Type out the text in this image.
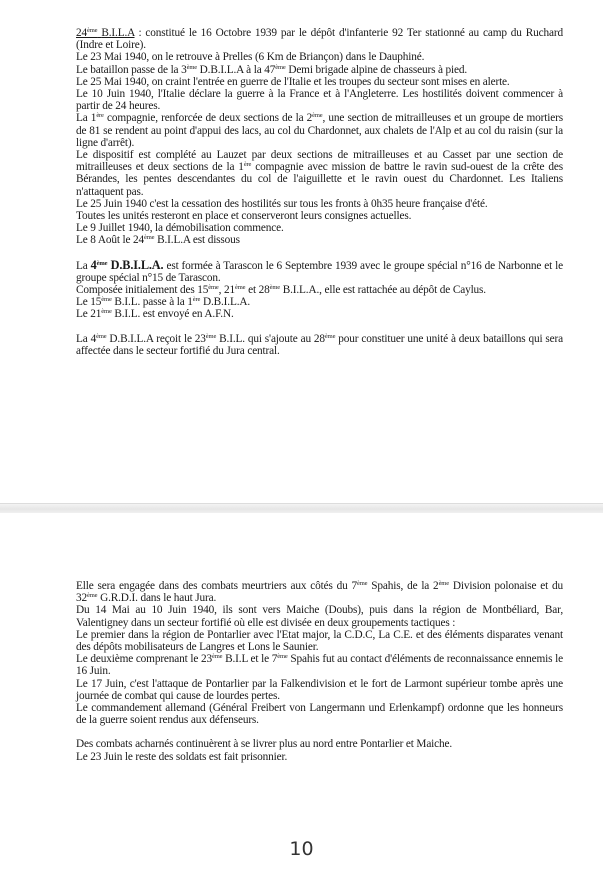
24ème B.I.L.A : constitué le 16 Octobre 1939 par le dépôt d'infanterie 92 Ter stationné au camp du Ruchard (Indre et Loire).
Le 23 Mai 1940, on le retrouve à Prelles (6 Km de Briançon) dans le Dauphiné.
Le bataillon passe de la 3ème D.B.I.L.A à la 47ème Demi brigade alpine de chasseurs à pied.
Le 25 Mai 1940, on craint l'entrée en guerre de l'Italie et les troupes du secteur sont mises en alerte.
Le 10 Juin 1940, l'Italie déclare la guerre à la France et à l'Angleterre. Les hostilités doivent commencer à partir de 24 heures.
La 1ère compagnie, renforcée de deux sections de la 2ème, une section de mitrailleuses et un groupe de mortiers de 81 se rendent au point d'appui des lacs, au col du Chardonnet, aux chalets de l'Alp et au col du raisin (sur la ligne d'arrêt).
Le dispositif est complété au Lauzet par deux sections de mitrailleuses et au Casset par une section de mitrailleuses et deux sections de la 1ère compagnie avec mission de battre le ravin sud-ouest de la crête des Bérandes, les pentes descendantes du col de l'aiguillette et le ravin ouest du Chardonnet. Les Italiens n'attaquent pas.
Le 25 Juin 1940 c'est la cessation des hostilités sur tous les fronts à 0h35 heure française d'été.
Toutes les unités resteront en place et conserveront leurs consignes actuelles.
Le 9 Juillet 1940, la démobilisation commence.
Le 8 Août le 24ème B.I.L.A est dissous

La 4ème D.B.I.L.A. est formée à Tarascon le 6 Septembre 1939 avec le groupe spécial n°16 de Narbonne et le groupe spécial n°15 de Tarascon.
Composée initialement des 15ème, 21ème et 28ème B.I.L.A., elle est rattachée au dépôt de Caylus.
Le 15ème B.I.L. passe à la 1ère D.B.I.L.A.
Le 21ème B.I.L. est envoyé en A.F.N.

La 4ème D.B.I.L.A reçoit le 23ème B.I.L. qui s'ajoute au 28ème pour constituer une unité à deux bataillons qui sera affectée dans le secteur fortifié du Jura central.

Elle sera engagée dans des combats meurtriers aux côtés du 7ème Spahis, de la 2ème Division polonaise et du 32ème G.R.D.I. dans le haut Jura.
Du 14 Mai au 10 Juin 1940, ils sont vers Maiche (Doubs), puis dans la région de Montbéliard, Bar, Valentigney dans un secteur fortifié où elle est divisée en deux groupements tactiques :
Le premier dans la région de Pontarlier avec l'Etat major, la C.D.C, La C.E. et des éléments disparates venant des dépôts mobilisateurs de Langres et Lons le Saunier.
Le deuxième comprenant le 23ème B.I.L et le 7ème Spahis fut au contact d'éléments de reconnaissance ennemis le 16 Juin.
Le 17 Juin, c'est l'attaque de Pontarlier par la Falkendivision et le fort de Larmont supérieur tombe après une journée de combat qui cause de lourdes pertes.
Le commandement allemand (Général Freibert von Langermann und Erlenkampf) ordonne que les honneurs de la guerre soient rendus aux défenseurs.

Des combats acharnés continuèrent à se livrer plus au nord entre Pontarlier et Maiche.
Le 23 Juin le reste des soldats est fait prisonnier.

10
